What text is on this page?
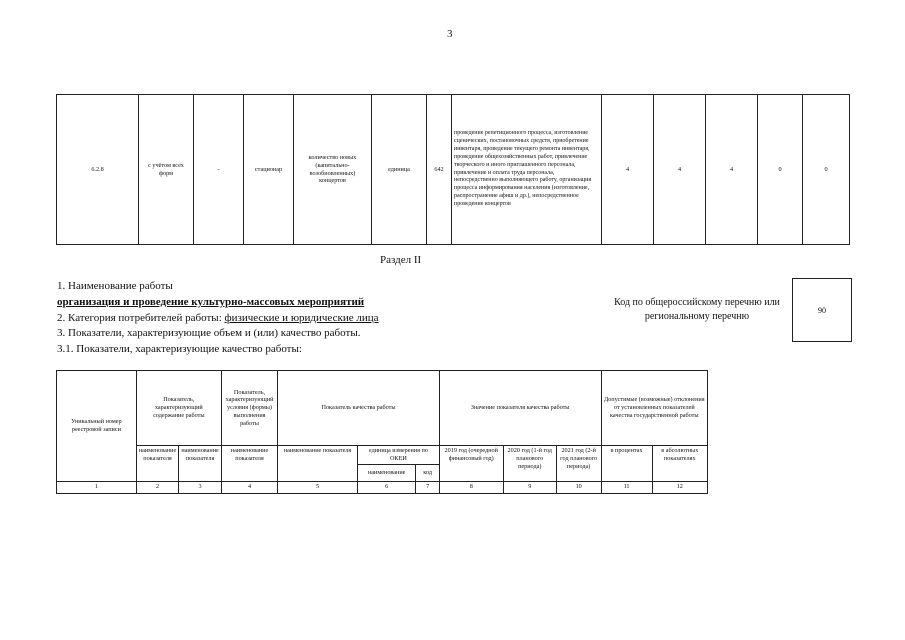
3
6.2.8	с учётом всех форм	-	стационар	количество новых (капитально-возобновленных) концертов	единица	642	проведение репетиционного процесса, изготовление сценических, постановочных средств, приобретение инвентаря, проведение текущего ремонта инвентаря, проведение общехозяйственных работ, привлечение творческого и иного приглашенного персонала, привлечение и оплата труда персонала, непосредственно выполняющего работу, организация процесса информирования населения (изготовление, распространение афиш и др.), непосредственное проведение концертов	4	4	4	0	0
Раздел II
1. Наименование работы
организация и проведение культурно-массовых мероприятий
2. Категория потребителей работы: физические и юридические лица
3. Показатели, характеризующие объем и (или) качество работы.
3.1. Показатели, характеризующие качество работы:
Код по общероссийскому перечню или
региональному перечню
90
Уникальный номер реестровой записи	Показатель, характеризующий содержание работы		Показатель, характеризующий условия (формы) выполнения работы	Показатель качества работы			Значение показателя качества работы			Допустимые (возможные) отклонения от установленных показателей качества государственной работы	
	наименование показателя	наименование показателя	наименование показателя	наименование показателя	единица измерения по ОКЕИ		2019 год (очередной финансовый год)	2020 год (1-й год планового периода)	2021 год (2-й год планового периода)	в процентах	в абсолютных показателях
					наименование	код					
1	2	3	4	5	6	7	8	9	10	11	12
